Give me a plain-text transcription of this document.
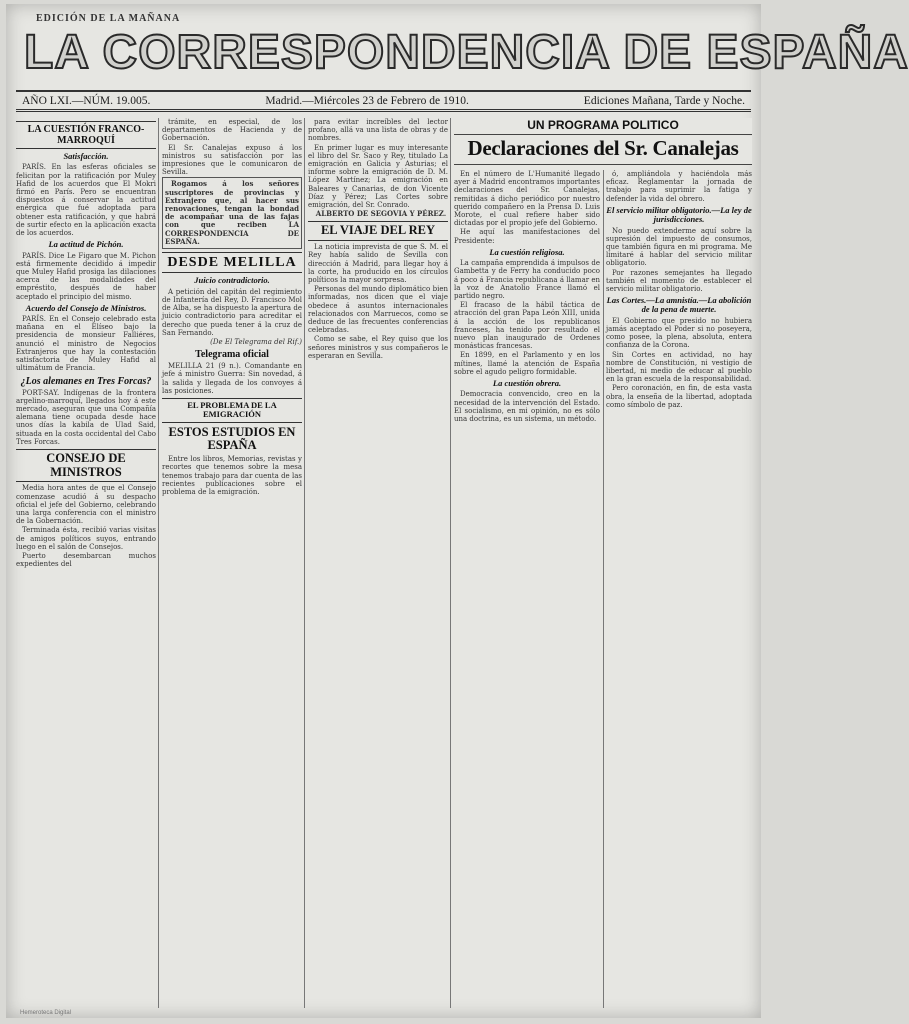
EDICIÓN DE LA MAÑANA
LA CORRESPONDENCIA DE ESPAÑA
AÑO LXI.—NÚM. 19.005.	Madrid.—Miércoles 23 de Febrero de 1910.	Ediciones Mañana, Tarde y Noche.
LA CUESTIÓN FRANCO-MARROQUÍ
Satisfacción.

PARÍS. En las esferas oficiales se felicitan por la ratificación por Muley Hafid de los acuerdos que El Mokri firmó en París. Pero se encuentran dispuestos á conservar la actitud enérgica que fué adoptada para obtener esta ratificación, y que habrá de surtir efecto en la aplicación exacta de los acuerdos.

La actitud de Pichón.

PARÍS. Dice Le Figaro que M. Pichon está firmemente decidido á impedir que Muley Hafid prosiga las dilaciones acerca de las modalidades del empréstito, después de haber aceptado el principio del mismo.

Acuerdo del Consejo de Ministros.

PARÍS. En el Consejo celebrado esta mañana en el Elíseo bajo la presidencia de monsieur Falliéres, anunció el ministro de Negocios Extranjeros que hay la contestación satisfactoria de Muley Hafid al ultimátum de Francia.

¿Los alemanes en Tres Forcas?

PORT-SAY. Indígenas de la frontera argelino-marroquí, llegados hoy á este mercado, aseguran que una Compañía alemana tiene ocupada desde hace unos días la kabila de Ulad Said, situada en la costa occidental del Cabo Tres Forcas.

CONSEJO DE MINISTROS

Media hora antes de que el Consejo comenzase acudió á su despacho oficial el jefe del Gobierno, celebrando una larga conferencia con el ministro de la Gobernación.

Terminada ésta, recibió varias visitas de amigos políticos suyos, entrando luego en el salón de Consejos.

Puerto desembarcan muchos expedientes del

trámite, en especial, de los departamentos de Hacienda y de Gobernación.

El Sr. Canalejas expuso á los ministros su satisfacción por las impresiones que le comunicaron de Sevilla.

Rogamos á los señores suscriptores de provincias y Extranjero que, al hacer sus renovaciones, tengan la bondad de acompañar una de las fajas con que reciben LA CORRESPONDENCIA DE ESPAÑA.

DESDE MELILLA
Juicio contradictorio.

A petición del capitán del regimiento de Infantería del Rey, D. Francisco Mol de Alba, se ha dispuesto la apertura de juicio contradictorio para acreditar el derecho que pueda tener á la cruz de San Fernando.

(De El Telegrama del Rif.)

Telegrama oficial

MELILLA 21 (9 n.). Comandante en jefe á ministro Guerra: Sin novedad, á la salida y llegada de los convoyes á las posiciones.

EL PROBLEMA DE LA EMIGRACIÓN
ESTOS ESTUDIOS EN ESPAÑA

Entre los libros, Memorias, revistas y recortes que tenemos sobre la mesa tenemos trabajo para dar cuenta de las recientes publicaciones sobre el problema de la emigración.

para evitar increíbles del lector profano, allá va una lista de obras y de nombres.

En primer lugar es muy interesante el libro del Sr. Saco y Rey, titulado La emigración en Galicia y Asturias; el informe sobre la emigración de D. M. López Martínez; La emigración en Baleares y Canarias, de don Vicente Díaz y Pérez; Las Cortes sobre emigración, del Sr. Conrado.

ALBERTO DE SEGOVIA Y PÉREZ.

EL VIAJE DEL REY

La noticia imprevista de que S. M. el Rey había salido de Sevilla con dirección á Madrid, para llegar hoy á la corte, ha producido en los círculos políticos la mayor sorpresa.

Personas del mundo diplomático bien informadas, nos dicen que el viaje obedece á asuntos internacionales relacionados con Marruecos, como se deduce de las frecuentes conferencias celebradas.

Como se sabe, el Rey quiso que los señores ministros y sus compañeros le esperaran en Sevilla.

UN PROGRAMA POLITICO
Declaraciones del Sr. Canalejas

En el número de L'Humanité llegado ayer á Madrid encontramos importantes declaraciones del Sr. Canalejas, remitidas á dicho periódico por nuestro querido compañero en la Prensa D. Luis Morote, el cual refiere haber sido dictadas por el propio jefe del Gobierno.

He aquí las manifestaciones del Presidente:

La cuestión religiosa.

La campaña emprendida á impulsos de Gambetta y de Ferry ha conducido poco á poco á Francia republicana á llamar en la voz de Anatolio France llamó el partido negro.

El fracaso de la hábil táctica de atracción del gran Papa León XIII, unida á la acción de los republicanos franceses, ha tenido por resultado el nuevo plan inaugurado de Ordenes monásticas francesas.

En 1899, en el Parlamento y en los mítines, llamé la atención de España sobre el agudo peligro formidable.

La cuestión obrera.

Democracia convencido, creo en la necesidad de la intervención del Estado. El socialismo, en mi opinión, no es sólo una doctrina, es un sistema, un método.

ó, ampliándola y haciéndola más eficaz. Reglamentar la jornada de trabajo para suprimir la fatiga y defender la vida del obrero.

El servicio militar obligatorio.—La ley de jurisdicciones.

No puedo extenderme aquí sobre la supresión del impuesto de consumos, que también figura en mi programa. Me limitaré á hablar del servicio militar obligatorio.

Por razones semejantes ha llegado también el momento de establecer el servicio militar obligatorio.

Las Cortes.—La amnistía.—La abolición de la pena de muerte.

El Gobierno que presido no hubiera jamás aceptado el Poder si no poseyera, como posee, la plena, absoluta, entera confianza de la Corona.

Sin Cortes en actividad, no hay nombre de Constitución, ni vestigio de libertad, ni medio de educar al pueblo en la gran escuela de la responsabilidad.

Pero coronación, en fin, de esta vasta obra, la enseña de la libertad, adoptada como símbolo de paz.

Hemeroteca Digital
